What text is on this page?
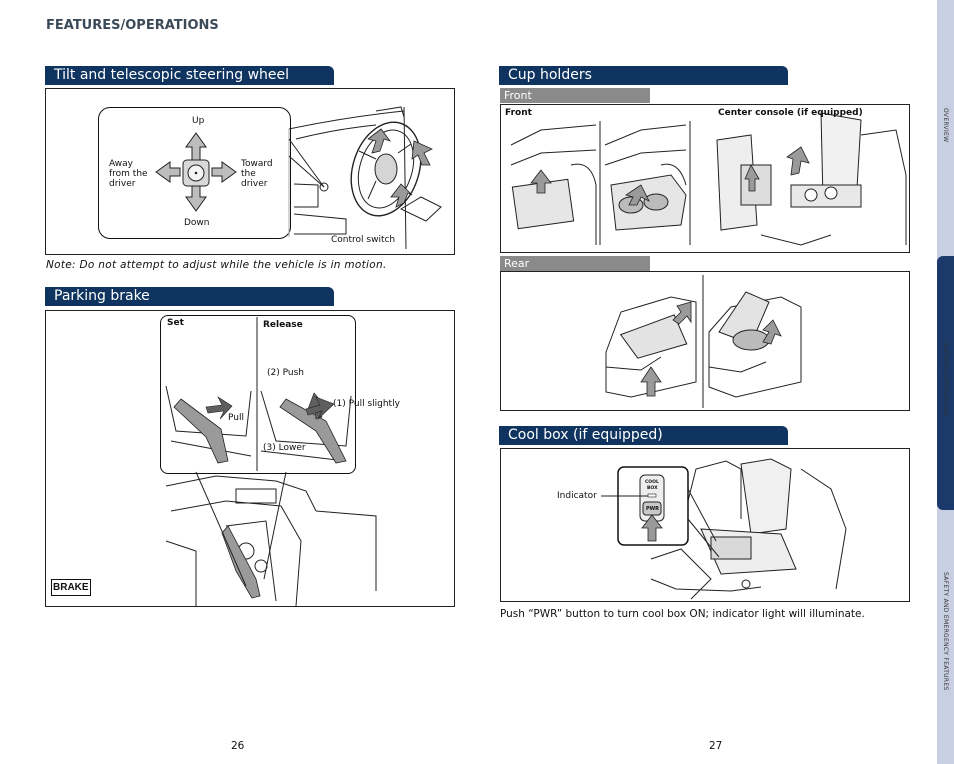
FEATURES/OPERATIONS
Tilt and telescopic steering wheel
Up
Down
Away
from the
driver
Toward
the
driver
Control switch
Note: Do not attempt to adjust while the vehicle is in motion.
Parking brake
Set	Release
Pull
(2) Push
(1) Pull slightly
(3) Lower
BRAKE
Cup holders
Front
Front	Center console (if equipped)
Rear
Cool box (if equipped)
COOL
BOX
PWR
Indicator
Push “PWR” button to turn cool box ON; indicator light will illuminate.
26	27
OVERVIEW
FEATURES/OPERATIONS
SAFETY AND EMERGENCY FEATURES
